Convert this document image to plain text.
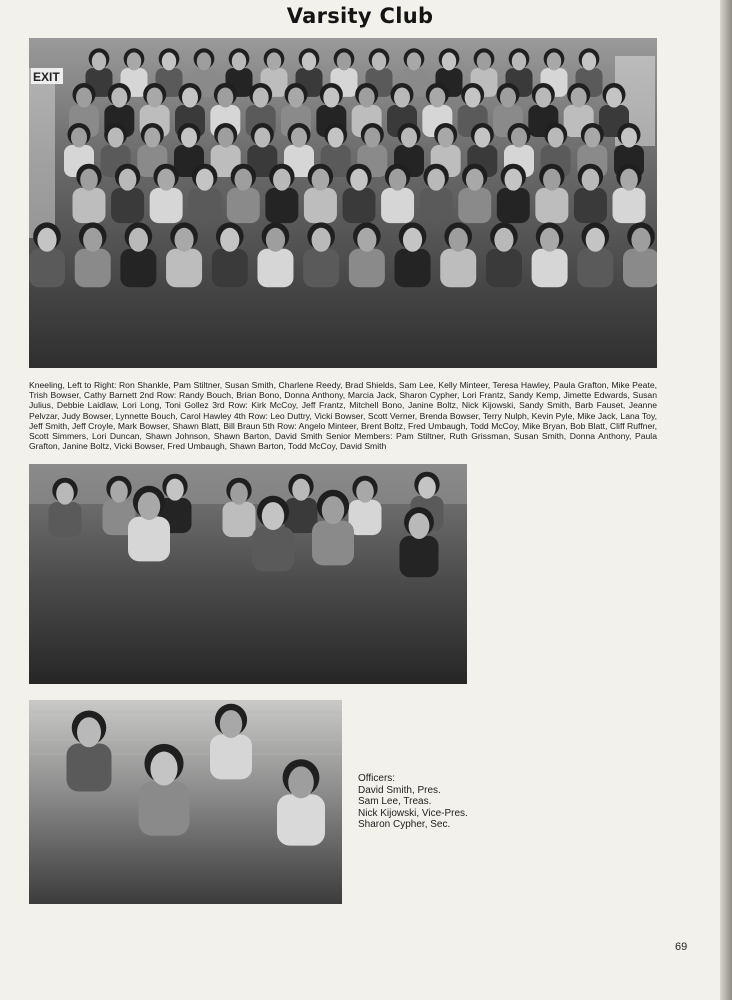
Varsity Club
EXIT
Kneeling, Left to Right: Ron Shankle, Pam Stiltner, Susan Smith, Charlene Reedy, Brad Shields, Sam Lee, Kelly Minteer, Teresa Hawley, Paula Grafton, Mike Peate, Trish Bowser, Cathy Barnett 2nd Row: Randy Bouch, Brian Bono, Donna Anthony, Marcia Jack, Sharon Cypher, Lori Frantz, Sandy Kemp, Jimette Edwards, Susan Julius, Debbie Laidlaw, Lori Long, Toni Gollez 3rd Row: Kirk McCoy, Jeff Frantz, Mitchell Bono, Janine Boltz, Nick Kijowski, Sandy Smith, Barb Fauset, Jeanne Pelvzar, Judy Bowser, Lynnette Bouch, Carol Hawley 4th Row: Leo Duttry, Vicki Bowser, Scott Verner, Brenda Bowser, Terry Nulph, Kevin Pyle, Mike Jack, Lana Toy, Jeff Smith, Jeff Croyle, Mark Bowser, Shawn Blatt, Bill Braun 5th Row: Angelo Minteer, Brent Boltz, Fred Umbaugh, Todd McCoy, Mike Bryan, Bob Blatt, Cliff Ruffner, Scott Simmers, Lori Duncan, Shawn Johnson, Shawn Barton, David Smith Senior Members: Pam Stiltner, Ruth Grissman, Susan Smith, Donna Anthony, Paula Grafton, Janine Boltz, Vicki Bowser, Fred Umbaugh, Shawn Barton, Todd McCoy, David Smith
Officers:
David Smith, Pres.
Sam Lee, Treas.
Nick Kijowski, Vice-Pres.
Sharon Cypher, Sec.
69
